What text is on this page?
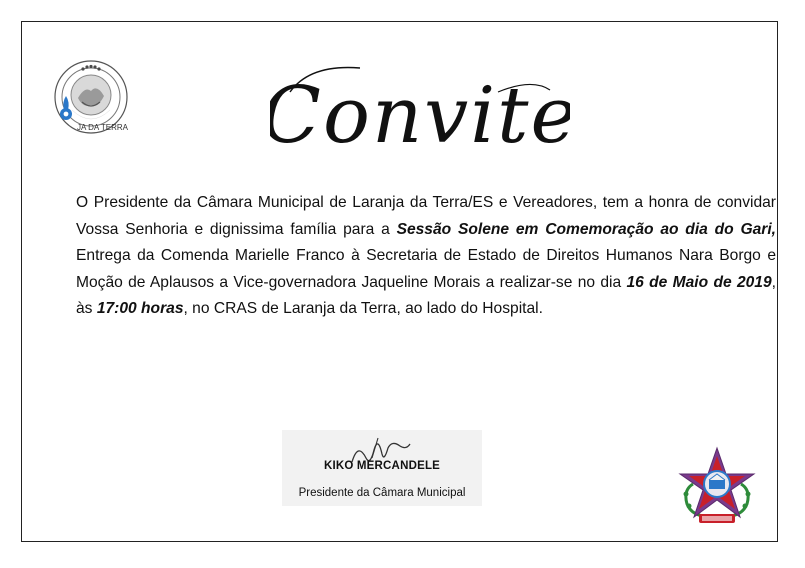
JA DA TERRA Convite
O Presidente da Câmara Municipal de Laranja da Terra/ES e Vereadores, tem a honra de convidar Vossa Senhoria e dignissima família para a Sessão Solene em Comemoração ao dia do Gari, Entrega da Comenda Marielle Franco à Secretaria de Estado de Direitos Humanos Nara Borgo e Moção de Aplausos a Vice-governadora Jaqueline Morais a realizar-se no dia 16 de Maio de 2019, às 17:00 horas, no CRAS de Laranja da Terra, ao lado do Hospital.
KIKO MERCANDELE
Presidente da Câmara Municipal
